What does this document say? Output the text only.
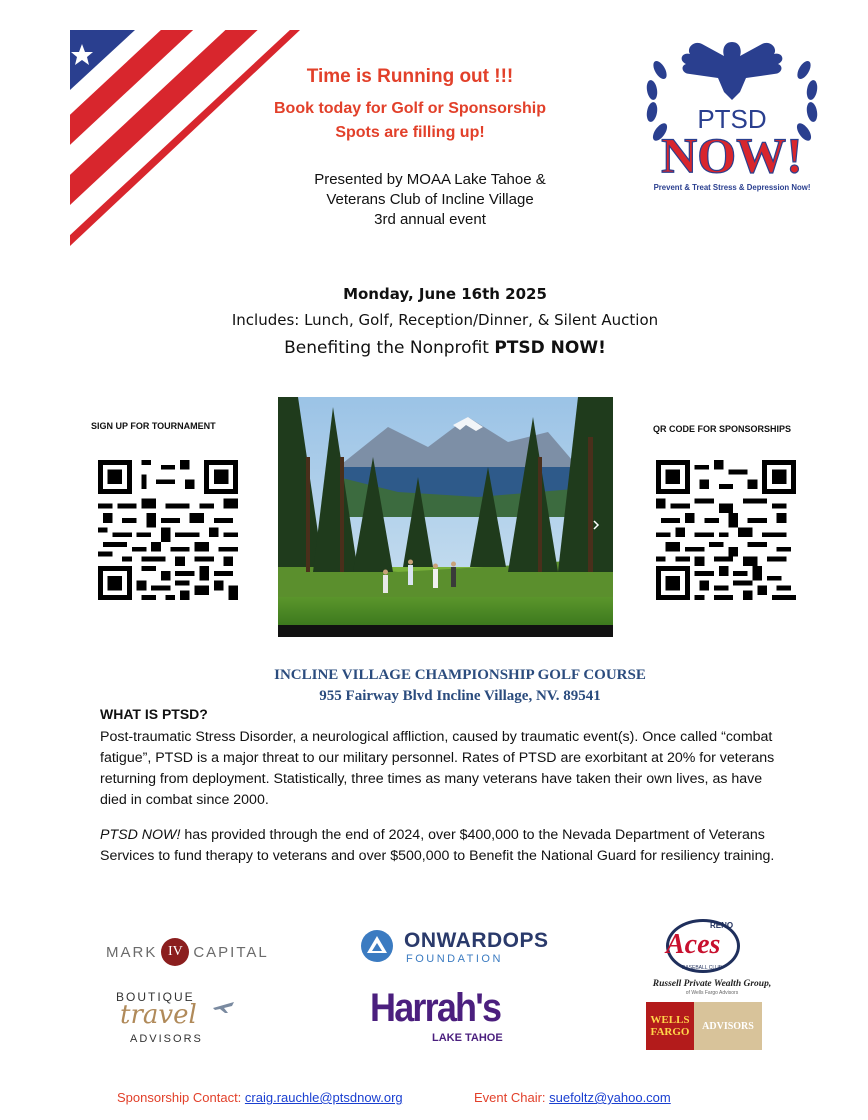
Time is Running out !!!
Book today for Golf or Sponsorship
Spots are filling up!
Presented by MOAA Lake Tahoe &
Veterans Club of Incline Village
3rd annual event
PTSD
NOW!
Prevent & Treat Stress & Depression Now!
Monday, June 16th 2025
Includes: Lunch, Golf, Reception/Dinner, & Silent Auction
Benefiting the Nonprofit PTSD NOW!
SIGN UP FOR TOURNAMENT	QR CODE FOR SPONSORSHIPS
INCLINE VILLAGE CHAMPIONSHIP GOLF COURSE
955 Fairway Blvd Incline Village, NV. 89541
WHAT IS PTSD?
Post-traumatic Stress Disorder, a neurological affliction, caused by traumatic event(s). Once called “combat fatigue”, PTSD is a major threat to our military personnel. Rates of PTSD are exorbitant at 20% for veterans returning from deployment. Statistically, three times as many veterans have taken their own lives, as have died in combat since 2000.
PTSD NOW! has provided through the end of 2024, over $400,000 to the Nevada Department of Veterans Services to fund therapy to veterans and over $500,000 to Benefit the National Guard for resiliency training.
MARK IV CAPITAL	ONWARDOPS
FOUNDATION	Aces
RENO
BASEBALL CLUB
Russell Private Wealth Group,
of Wells Fargo Advisors
WELLS
FARGO	ADVISORS
BOUTIQUE
travel
ADVISORS
Harrah's
LAKE TAHOE
Sponsorship Contact: craig.rauchle@ptsdnow.org	Event Chair: suefoltz@yahoo.com
